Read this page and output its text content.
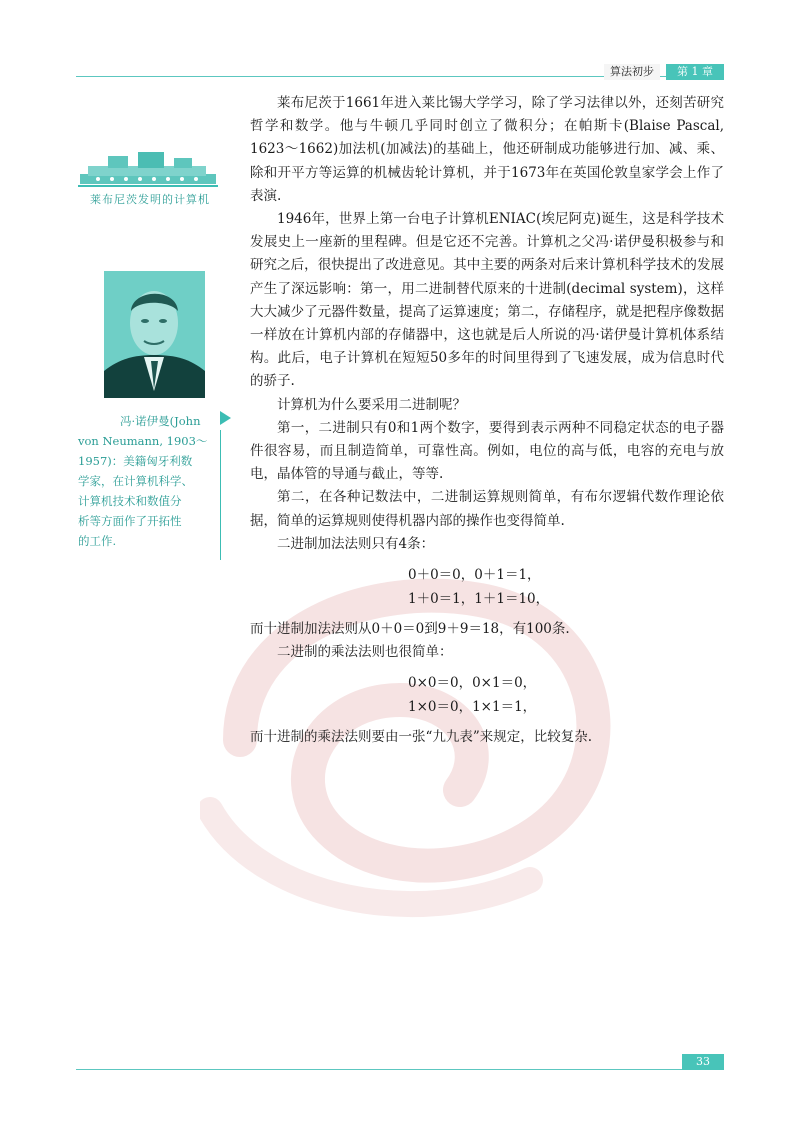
算法初步	第 1 章
莱布尼茨发明的计算机
冯·诺伊曼(John
von Neumann, 1903～
1957)：美籍匈牙利数
学家，在计算机科学、
计算机技术和数值分
析等方面作了开拓性
的工作.

莱布尼茨于1661年进入莱比锡大学学习，除了学习法律以外，还刻苦研究哲学和数学。他与牛顿几乎同时创立了微积分；在帕斯卡(Blaise Pascal, 1623～1662)加法机(加减法)的基础上，他还研制成功能够进行加、减、乘、除和开平方等运算的机械齿轮计算机，并于1673年在英国伦敦皇家学会上作了表演.

1946年，世界上第一台电子计算机ENIAC(埃尼阿克)诞生，这是科学技术发展史上一座新的里程碑。但是它还不完善。计算机之父冯·诺伊曼积极参与和研究之后，很快提出了改进意见。其中主要的两条对后来计算机科学技术的发展产生了深远影响：第一，用二进制替代原来的十进制(decimal system)，这样大大减少了元器件数量，提高了运算速度；第二，存储程序，就是把程序像数据一样放在计算机内部的存储器中，这也就是后人所说的冯·诺伊曼计算机体系结构。此后，电子计算机在短短50多年的时间里得到了飞速发展，成为信息时代的骄子.

计算机为什么要采用二进制呢？

第一，二进制只有0和1两个数字，要得到表示两种不同稳定状态的电子器件很容易，而且制造简单，可靠性高。例如，电位的高与低，电容的充电与放电，晶体管的导通与截止，等等.

第二，在各种记数法中，二进制运算规则简单，有布尔逻辑代数作理论依据，简单的运算规则使得机器内部的操作也变得简单.

二进制加法法则只有4条：

0＋0＝0，0＋1＝1，
1＋0＝1，1＋1＝10，

而十进制加法法则从0＋0＝0到9＋9＝18，有100条.

二进制的乘法法则也很简单：

0×0＝0，0×1＝0，
1×0＝0，1×1＝1，

而十进制的乘法法则要由一张“九九表”来规定，比较复杂.

33
